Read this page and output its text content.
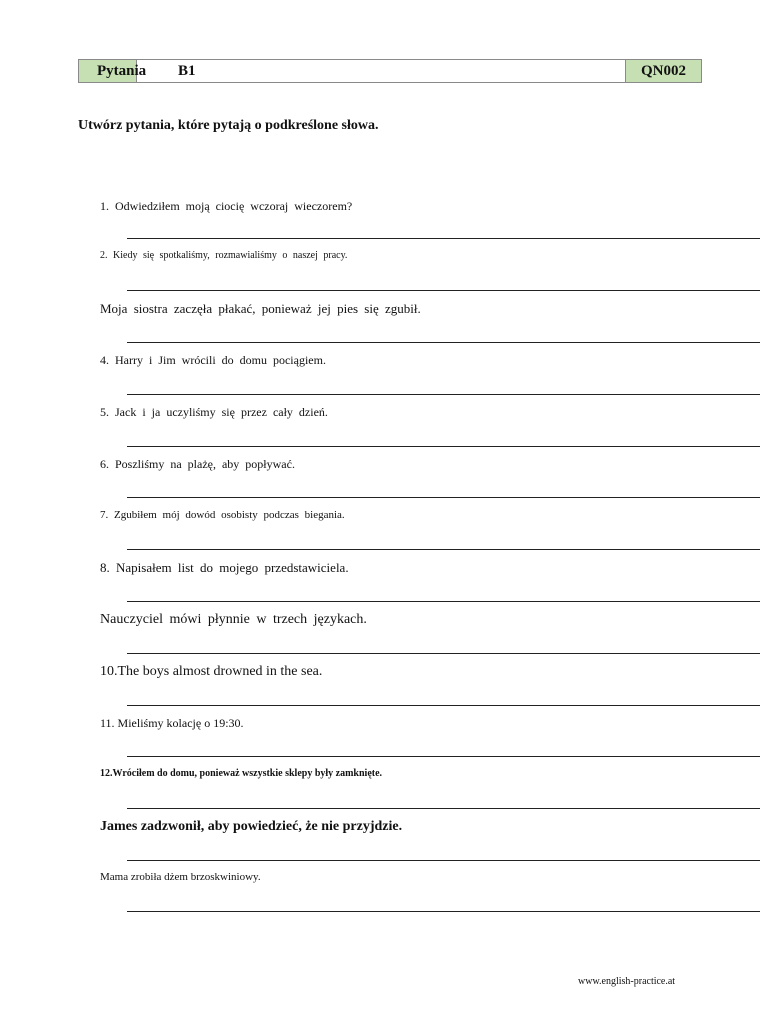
Pytania B1	QN002
Utwórz pytania, które pytają o podkreślone słowa.
1. Odwiedziłem moją ciocię wczoraj wieczorem?
2. Kiedy się spotkaliśmy, rozmawialiśmy o naszej pracy.
Moja siostra zaczęła płakać, ponieważ jej pies się zgubił.
4. Harry i Jim wrócili do domu pociągiem.
5. Jack i ja uczyliśmy się przez cały dzień.
6. Poszliśmy na plażę, aby popływać.
7. Zgubiłem mój dowód osobisty podczas biegania.
8. Napisałem list do mojego przedstawiciela.
Nauczyciel mówi płynnie w trzech językach.
10.The boys almost drowned in the sea.
11. Mieliśmy kolację o 19:30.
12.Wróciłem do domu, ponieważ wszystkie sklepy były zamknięte.
James zadzwonił, aby powiedzieć, że nie przyjdzie.
Mama zrobiła dżem brzoskwiniowy.
www.english-practice.at
